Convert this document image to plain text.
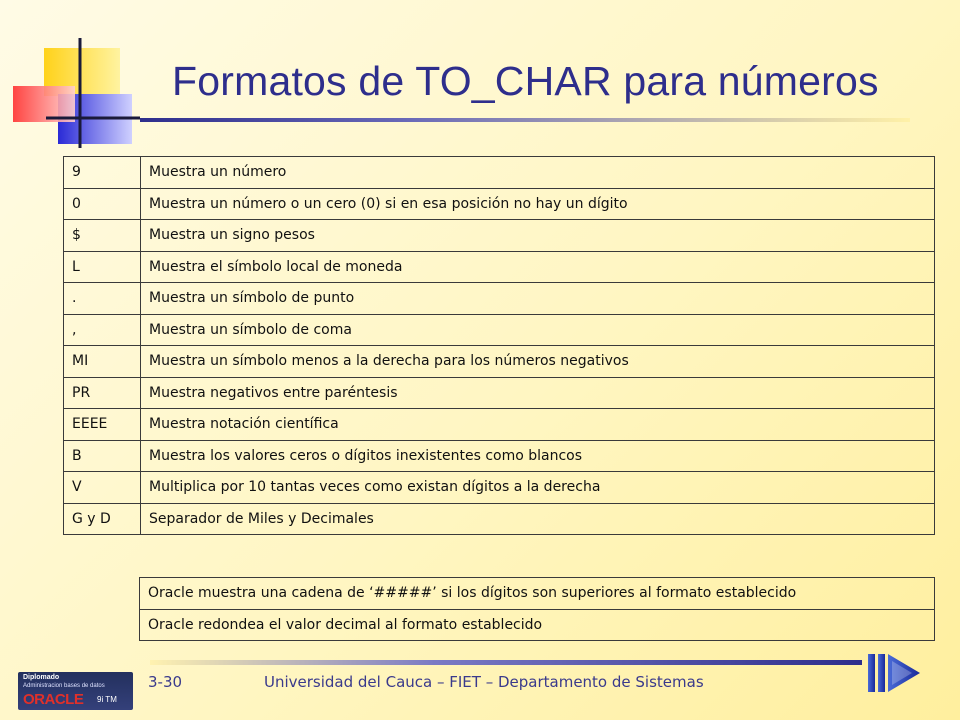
Formatos de TO_CHAR para números
9	Muestra un número
0	Muestra un número o un cero (0) si en esa posición no hay un dígito
$	Muestra un signo pesos
L	Muestra el símbolo local de moneda
.	Muestra un símbolo de punto
,	Muestra un símbolo de coma
MI	Muestra un símbolo menos a la derecha para los números negativos
PR	Muestra negativos entre paréntesis
EEEE	Muestra notación científica
B	Muestra los valores ceros o dígitos inexistentes como blancos
V	Multiplica por 10 tantas veces como existan dígitos a la derecha
G y D	Separador de Miles y Decimales
Oracle muestra una cadena de ‘#####’ si los dígitos son superiores al formato establecido
Oracle redondea el valor decimal al formato establecido
Diplomado
Administracion bases de datos
ORACLE 9i TM
3-30	Universidad del Cauca – FIET – Departamento de Sistemas
